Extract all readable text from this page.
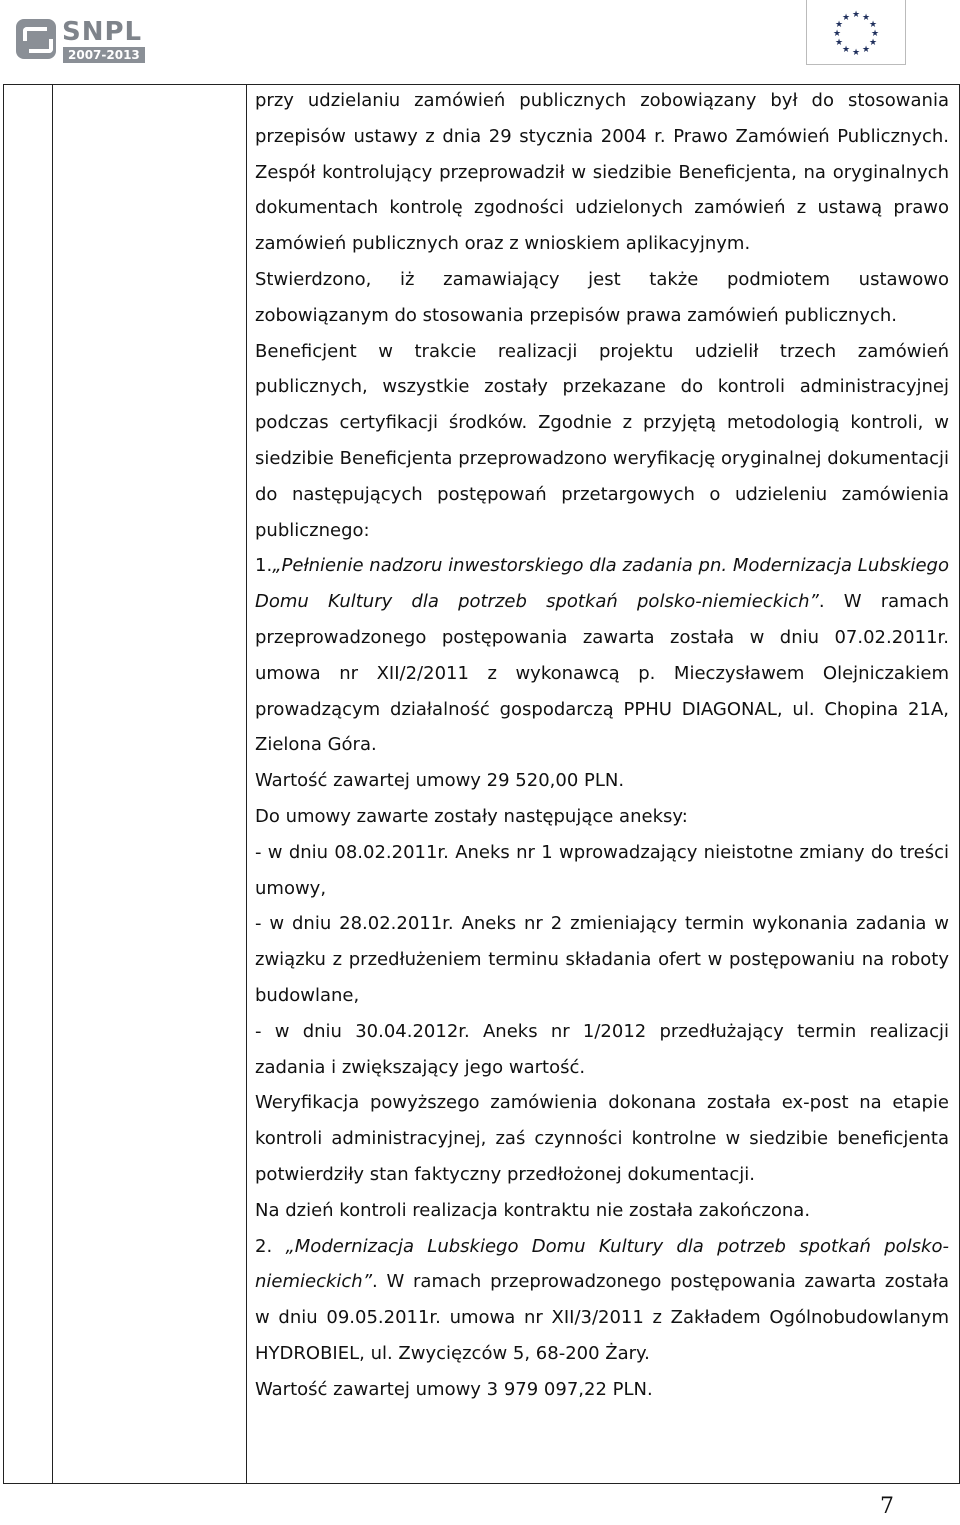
SNPL
2007-2013
★ ★
★
★
★
★
★
★
★
★
★
★

przy udzielaniu zamówień publicznych zobowiązany był do stosowania przepisów ustawy z dnia 29 stycznia 2004 r. Prawo Zamówień Publicznych. Zespół kontrolujący przeprowadził w siedzibie Beneficjenta, na oryginalnych dokumentach kontrolę zgodności udzielonych zamówień z ustawą prawo zamówień publicznych oraz z wnioskiem aplikacyjnym.

Stwierdzono, iż zamawiający jest także podmiotem ustawowo zobowiązanym do stosowania przepisów prawa zamówień publicznych.

Beneficjent w trakcie realizacji projektu udzielił trzech zamówień publicznych, wszystkie zostały przekazane do kontroli administracyjnej podczas certyfikacji środków. Zgodnie z przyjętą metodologią kontroli, w siedzibie Beneficjenta przeprowadzono weryfikację oryginalnej dokumentacji do następujących postępowań przetargowych o udzieleniu zamówienia publicznego:

1.„Pełnienie nadzoru inwestorskiego dla zadania pn. Modernizacja Lubskiego Domu Kultury dla potrzeb spotkań polsko-niemieckich”. W ramach przeprowadzonego postępowania zawarta została w dniu 07.02.2011r. umowa nr XII/2/2011 z wykonawcą p. Mieczysławem Olejniczakiem prowadzącym działalność gospodarczą PPHU DIAGONAL, ul. Chopina 21A, Zielona Góra.

Wartość zawartej umowy 29 520,00 PLN.

Do umowy zawarte zostały następujące aneksy:

- w dniu 08.02.2011r. Aneks nr 1 wprowadzający nieistotne zmiany do treści umowy,

- w dniu 28.02.2011r. Aneks nr 2 zmieniający termin wykonania zadania w związku z przedłużeniem terminu składania ofert w postępowaniu na roboty budowlane,

- w dniu 30.04.2012r. Aneks nr 1/2012 przedłużający termin realizacji zadania i zwiększający jego wartość.

Weryfikacja powyższego zamówienia dokonana została ex-post na etapie kontroli administracyjnej, zaś czynności kontrolne w siedzibie beneficjenta potwierdziły stan faktyczny przedłożonej dokumentacji.

Na dzień kontroli realizacja kontraktu nie została zakończona.

2. „Modernizacja Lubskiego Domu Kultury dla potrzeb spotkań polsko-niemieckich”. W ramach przeprowadzonego postępowania zawarta została w dniu 09.05.2011r. umowa nr XII/3/2011 z Zakładem Ogólnobudowlanym HYDROBIEL, ul. Zwycięzców 5, 68-200 Żary.

Wartość zawartej umowy 3 979 097,22 PLN.

7
